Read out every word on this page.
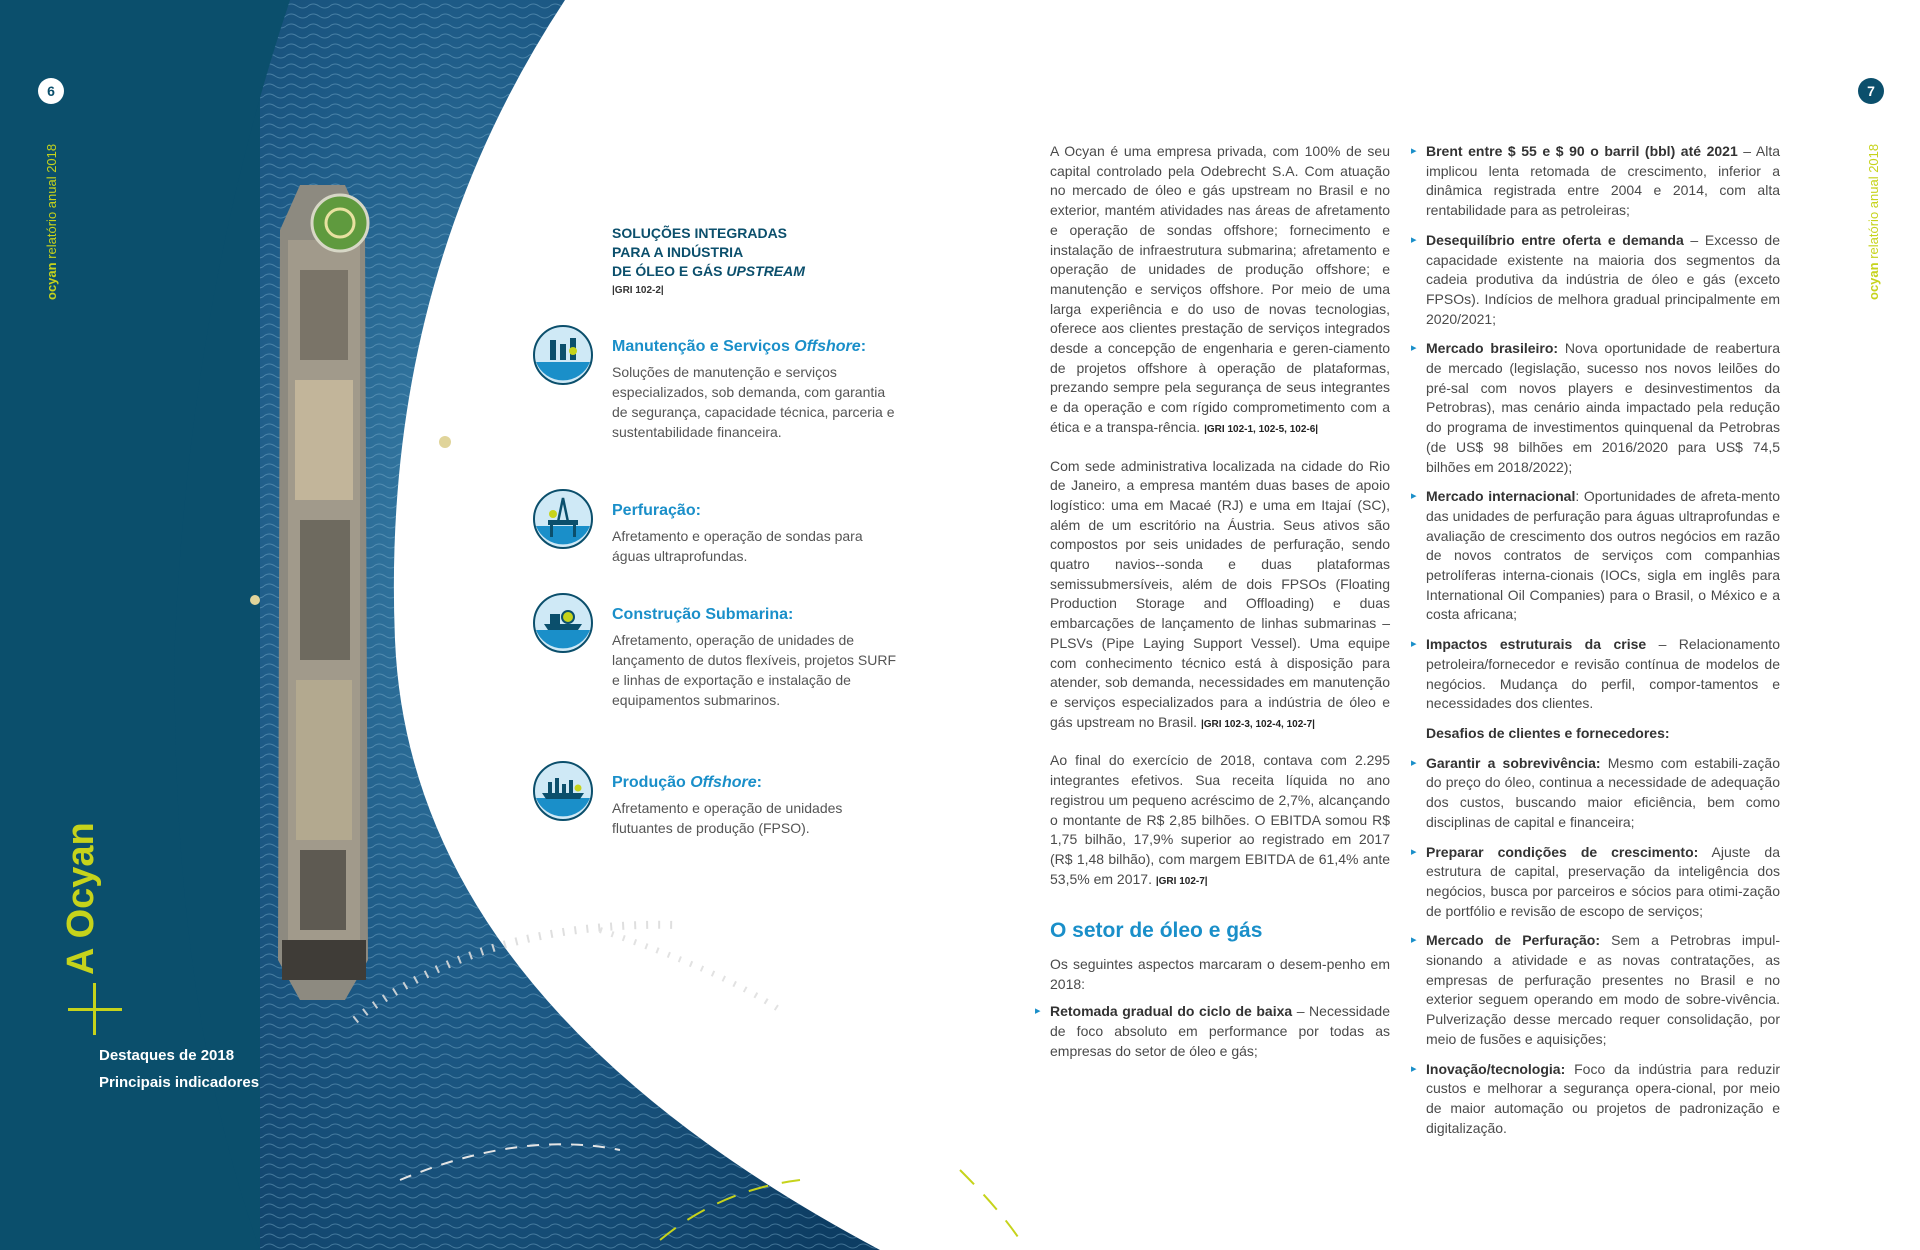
6
ocyan relatório anual 2018
A Ocyan
Destaques de 2018
Principais indicadores
7
ocyan relatório anual 2018
SOLUÇÕES INTEGRADAS
PARA A INDÚSTRIA
DE ÓLEO E GÁS UPSTREAM
|GRI 102-2|
Manutenção e Serviços Offshore:
Soluções de manutenção e serviços especializados, sob demanda, com garantia de segurança, capacidade técnica, parceria e sustentabilidade financeira.
Perfuração:
Afretamento e operação de sondas para águas ultraprofundas.
Construção Submarina:
Afretamento, operação de unidades de lançamento de dutos flexíveis, projetos SURF e linhas de exportação e instalação de equipamentos submarinos.
Produção Offshore:
Afretamento e operação de unidades flutuantes de produção (FPSO).

A Ocyan é uma empresa privada, com 100% de seu capital controlado pela Odebrecht S.A. Com atuação no mercado de óleo e gás upstream no Brasil e no exterior, mantém atividades nas áreas de afretamento e operação de sondas offshore; fornecimento e instalação de infraestrutura submarina; afretamento e operação de unidades de produção offshore; e manutenção e serviços offshore. Por meio de uma larga experiência e do uso de novas tecnologias, oferece aos clientes prestação de serviços integrados desde a concepção de engenharia e geren-ciamento de projetos offshore à operação de plataformas, prezando sempre pela segurança de seus integrantes e da operação e com rígido comprometimento com a ética e a transpa-rência. |GRI 102-1, 102-5, 102-6|

Com sede administrativa localizada na cidade do Rio de Janeiro, a empresa mantém duas bases de apoio logístico: uma em Macaé (RJ) e uma em Itajaí (SC), além de um escritório na Áustria. Seus ativos são compostos por seis unidades de perfuração, sendo quatro navios--sonda e duas plataformas semissubmersíveis, além de dois FPSOs (Floating Production Storage and Offloading) e duas embarcações de lançamento de linhas submarinas – PLSVs (Pipe Laying Support Vessel). Uma equipe com conhecimento técnico está à disposição para atender, sob demanda, necessidades em manutenção e serviços especializados para a indústria de óleo e gás upstream no Brasil. |GRI 102-3, 102-4, 102-7|

Ao final do exercício de 2018, contava com 2.295 integrantes efetivos. Sua receita líquida no ano registrou um pequeno acréscimo de 2,7%, alcançando o montante de R$ 2,85 bilhões. O EBITDA somou R$ 1,75 bilhão, 17,9% superior ao registrado em 2017 (R$ 1,48 bilhão), com margem EBITDA de 61,4% ante 53,5% em 2017. |GRI 102-7|

O setor de óleo e gás

Os seguintes aspectos marcaram o desem-penho em 2018:

▸ Retomada gradual do ciclo de baixa – Necessidade de foco absoluto em performance por todas as empresas do setor de óleo e gás;
▸ Brent entre $ 55 e $ 90 o barril (bbl) até 2021 – Alta implicou lenta retomada de crescimento, inferior a dinâmica registrada entre 2004 e 2014, com alta rentabilidade para as petroleiras;
▸ Desequilíbrio entre oferta e demanda – Excesso de capacidade existente na maioria dos segmentos da cadeia produtiva da indústria de óleo e gás (exceto FPSOs). Indícios de melhora gradual principalmente em 2020/2021;
▸ Mercado brasileiro: Nova oportunidade de reabertura de mercado (legislação, sucesso nos novos leilões do pré-sal com novos players e desinvestimentos da Petrobras), mas cenário ainda impactado pela redução do programa de investimentos quinquenal da Petrobras (de US$ 98 bilhões em 2016/2020 para US$ 74,5 bilhões em 2018/2022);
▸ Mercado internacional: Oportunidades de afreta-mento das unidades de perfuração para águas ultraprofundas e avaliação de crescimento dos outros negócios em razão de novos contratos de serviços com companhias petrolíferas interna-cionais (IOCs, sigla em inglês para International Oil Companies) para o Brasil, o México e a costa africana;
▸ Impactos estruturais da crise – Relacionamento petroleira/fornecedor e revisão contínua de modelos de negócios. Mudança do perfil, compor-tamentos e necessidades dos clientes.
Desafios de clientes e fornecedores:
▸ Garantir a sobrevivência: Mesmo com estabili-zação do preço do óleo, continua a necessidade de adequação dos custos, buscando maior eficiência, bem como disciplinas de capital e financeira;
▸ Preparar condições de crescimento: Ajuste da estrutura de capital, preservação da inteligência dos negócios, busca por parceiros e sócios para otimi-zação de portfólio e revisão de escopo de serviços;
▸ Mercado de Perfuração: Sem a Petrobras impul-sionando a atividade e as novas contratações, as empresas de perfuração presentes no Brasil e no exterior seguem operando em modo de sobre-vivência. Pulverização desse mercado requer consolidação, por meio de fusões e aquisições;
▸ Inovação/tecnologia: Foco da indústria para reduzir custos e melhorar a segurança opera-cional, por meio de maior automação ou projetos de padronização e digitalização.
